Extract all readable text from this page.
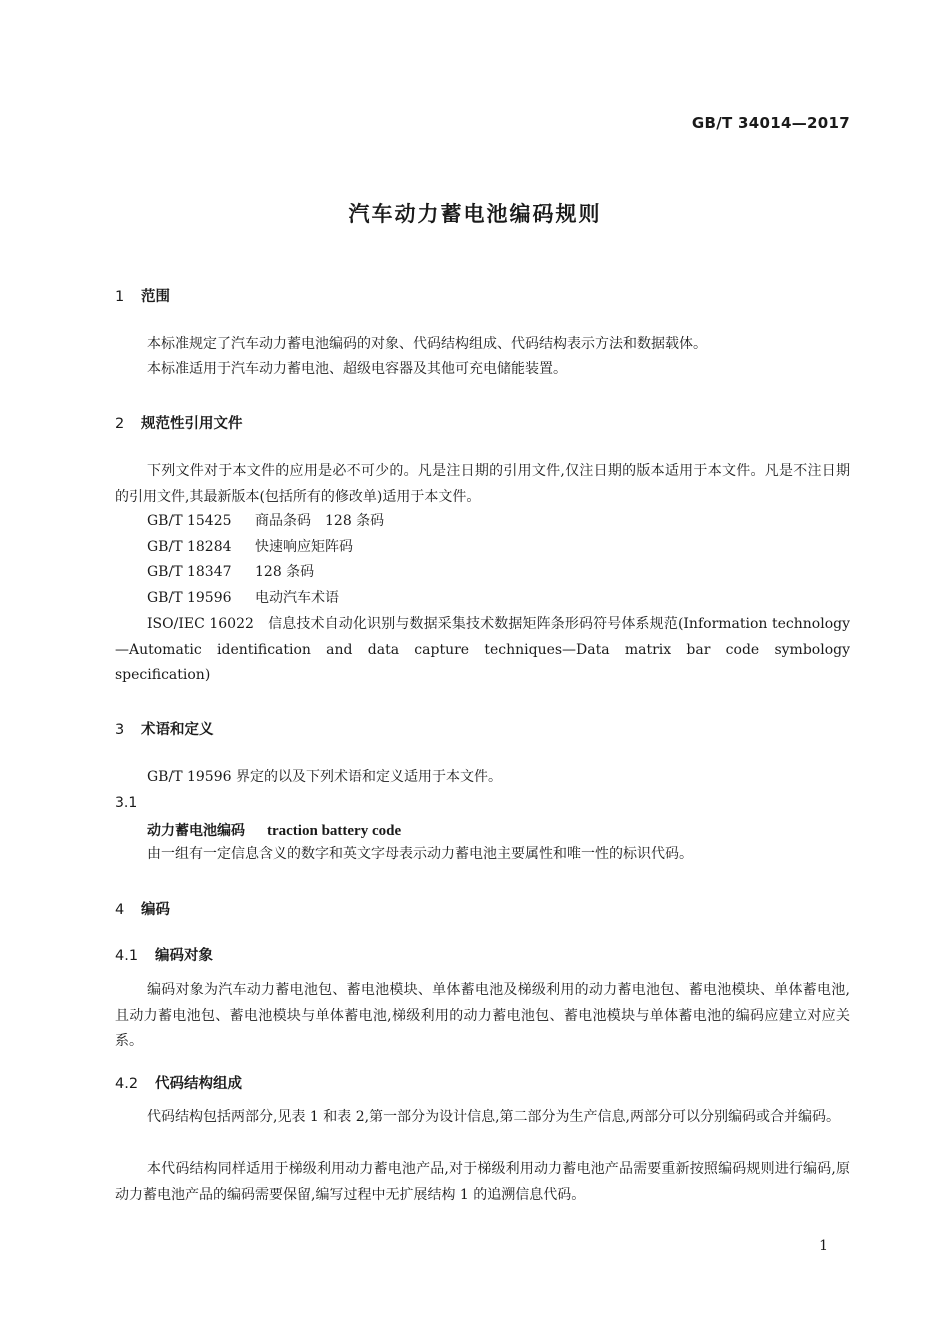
GB/T 34014—2017
汽车动力蓄电池编码规则
1 范围
本标准规定了汽车动力蓄电池编码的对象、代码结构组成、代码结构表示方法和数据载体。
本标准适用于汽车动力蓄电池、超级电容器及其他可充电储能装置。
2 规范性引用文件
下列文件对于本文件的应用是必不可少的。凡是注日期的引用文件,仅注日期的版本适用于本文件。凡是不注日期的引用文件,其最新版本(包括所有的修改单)适用于本文件。
GB/T 15425 商品条码　128 条码
GB/T 18284 快速响应矩阵码
GB/T 18347 128 条码
GB/T 19596 电动汽车术语
ISO/IEC 16022　信息技术自动化识别与数据采集技术数据矩阵条形码符号体系规范(Information technology—Automatic identification and data capture techniques—Data matrix bar code symbology specification)
3 术语和定义
GB/T 19596 界定的以及下列术语和定义适用于本文件。
3.1
动力蓄电池编码 traction battery code
由一组有一定信息含义的数字和英文字母表示动力蓄电池主要属性和唯一性的标识代码。
4 编码
4.1 编码对象
编码对象为汽车动力蓄电池包、蓄电池模块、单体蓄电池及梯级利用的动力蓄电池包、蓄电池模块、单体蓄电池,且动力蓄电池包、蓄电池模块与单体蓄电池,梯级利用的动力蓄电池包、蓄电池模块与单体蓄电池的编码应建立对应关系。
4.2 代码结构组成
代码结构包括两部分,见表 1 和表 2,第一部分为设计信息,第二部分为生产信息,两部分可以分别编码或合并编码。
本代码结构同样适用于梯级利用动力蓄电池产品,对于梯级利用动力蓄电池产品需要重新按照编码规则进行编码,原动力蓄电池产品的编码需要保留,编写过程中无扩展结构 1 的追溯信息代码。
1
